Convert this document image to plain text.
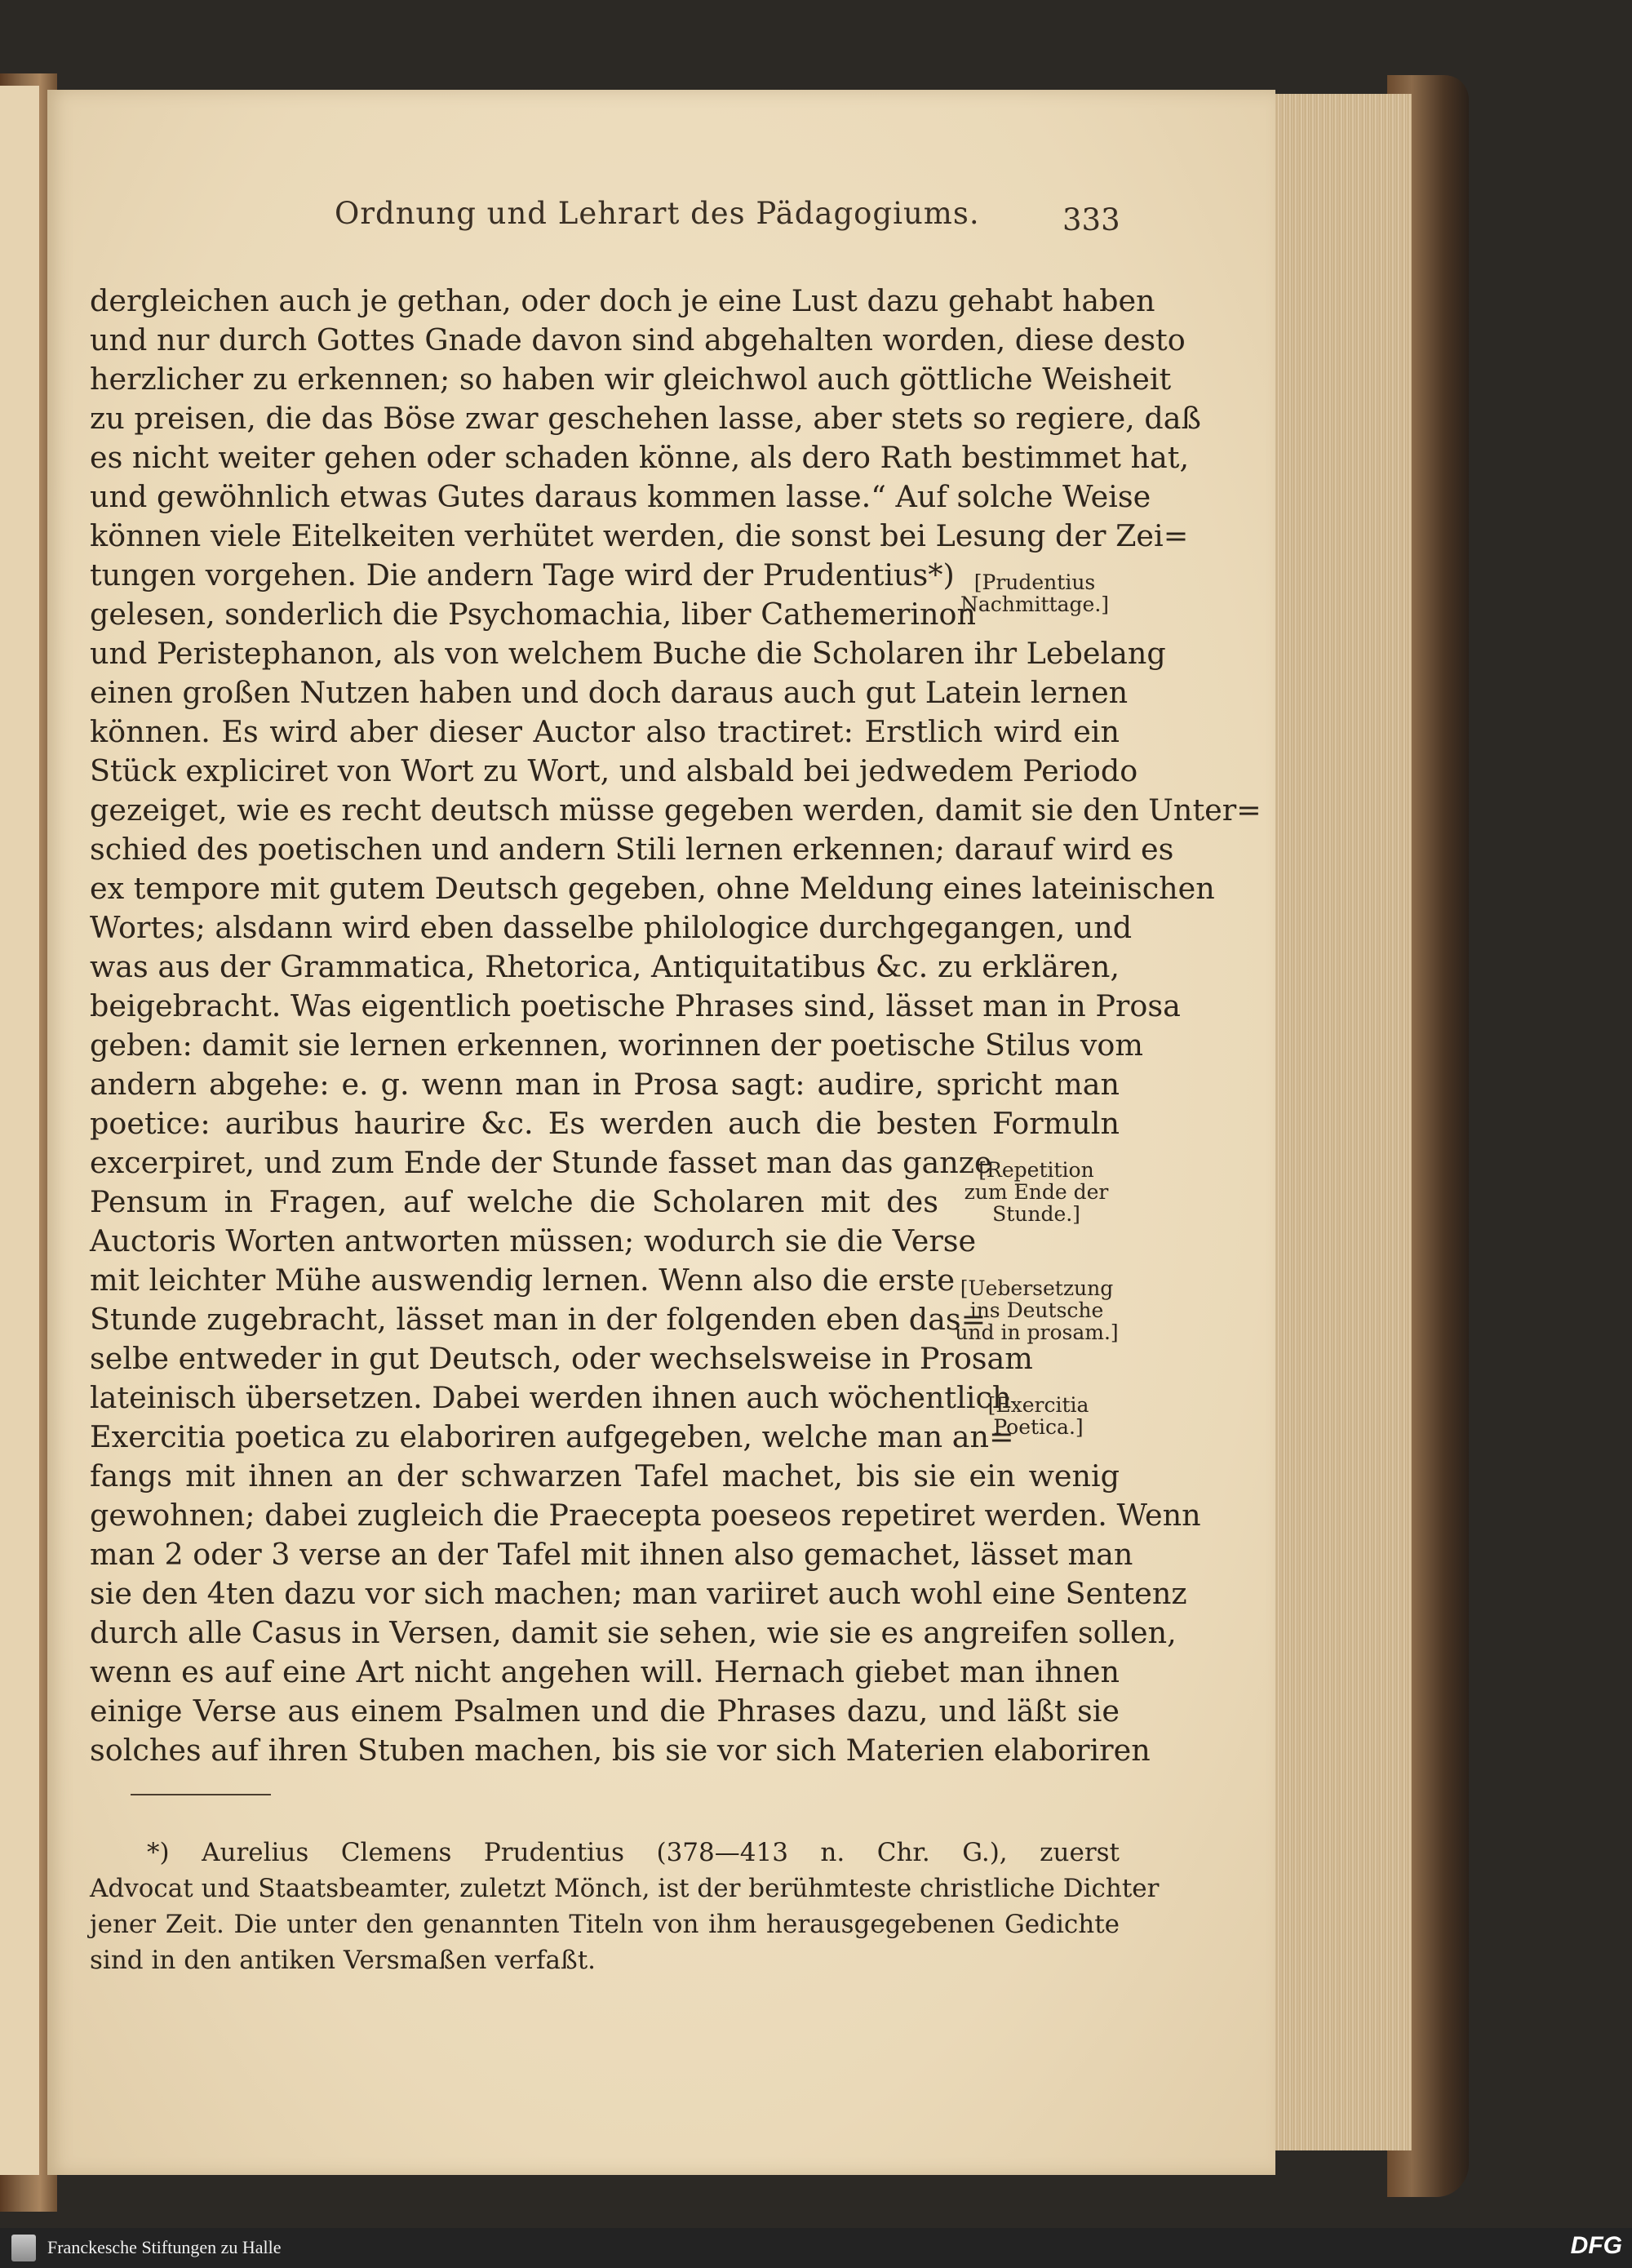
Ordnung und Lehrart des Pädagogiums.	333
dergleichen auch je gethan, oder doch je eine Lust dazu gehabt haben
und nur durch Gottes Gnade davon sind abgehalten worden, diese desto
herzlicher zu erkennen; so haben wir gleichwol auch göttliche Weisheit
zu preisen, die das Böse zwar geschehen lasse, aber stets so regiere, daß
es nicht weiter gehen oder schaden könne, als dero Rath bestimmet hat,
und gewöhnlich etwas Gutes daraus kommen lasse.“ Auf solche Weise
können viele Eitelkeiten verhütet werden, die sonst bei Lesung der Zei=
tungen vorgehen. Die andern Tage wird der Prudentius*)
gelesen, sonderlich die Psychomachia, liber Cathemerinon
und Peristephanon, als von welchem Buche die Scholaren ihr Lebelang
einen großen Nutzen haben und doch daraus auch gut Latein lernen
können. Es wird aber dieser Auctor also tractiret: Erstlich wird ein
Stück expliciret von Wort zu Wort, und alsbald bei jedwedem Periodo
gezeiget, wie es recht deutsch müsse gegeben werden, damit sie den Unter=
schied des poetischen und andern Stili lernen erkennen; darauf wird es
ex tempore mit gutem Deutsch gegeben, ohne Meldung eines lateinischen
Wortes; alsdann wird eben dasselbe philologice durchgegangen, und
was aus der Grammatica, Rhetorica, Antiquitatibus &c. zu erklären,
beigebracht. Was eigentlich poetische Phrases sind, lässet man in Prosa
geben: damit sie lernen erkennen, worinnen der poetische Stilus vom
andern abgehe: e. g. wenn man in Prosa sagt: audire, spricht man
poetice: auribus haurire &c. Es werden auch die besten Formuln
excerpiret, und zum Ende der Stunde fasset man das ganze
Pensum in Fragen, auf welche die Scholaren mit des
Auctoris Worten antworten müssen; wodurch sie die Verse
mit leichter Mühe auswendig lernen. Wenn also die erste
Stunde zugebracht, lässet man in der folgenden eben das=
selbe entweder in gut Deutsch, oder wechselsweise in Prosam
lateinisch übersetzen. Dabei werden ihnen auch wöchentlich
Exercitia poetica zu elaboriren aufgegeben, welche man an=
fangs mit ihnen an der schwarzen Tafel machet, bis sie ein wenig
gewohnen; dabei zugleich die Praecepta poeseos repetiret werden. Wenn
man 2 oder 3 verse an der Tafel mit ihnen also gemachet, lässet man
sie den 4ten dazu vor sich machen; man variiret auch wohl eine Sentenz
durch alle Casus in Versen, damit sie sehen, wie sie es angreifen sollen,
wenn es auf eine Art nicht angehen will. Hernach giebet man ihnen
einige Verse aus einem Psalmen und die Phrases dazu, und läßt sie
solches auf ihren Stuben machen, bis sie vor sich Materien elaboriren
[Prudentius
Nachmittage.]
[Repetition
zum Ende der
Stunde.]
[Uebersetzung
ins Deutsche
und in prosam.]
[Exercitia
Poetica.]
*) Aurelius Clemens Prudentius (378—413 n. Chr. G.), zuerst
Advocat und Staatsbeamter, zuletzt Mönch, ist der berühmteste christliche Dichter
jener Zeit. Die unter den genannten Titeln von ihm herausgegebenen Gedichte
sind in den antiken Versmaßen verfaßt.
Franckesche Stiftungen zu Halle	DFG
